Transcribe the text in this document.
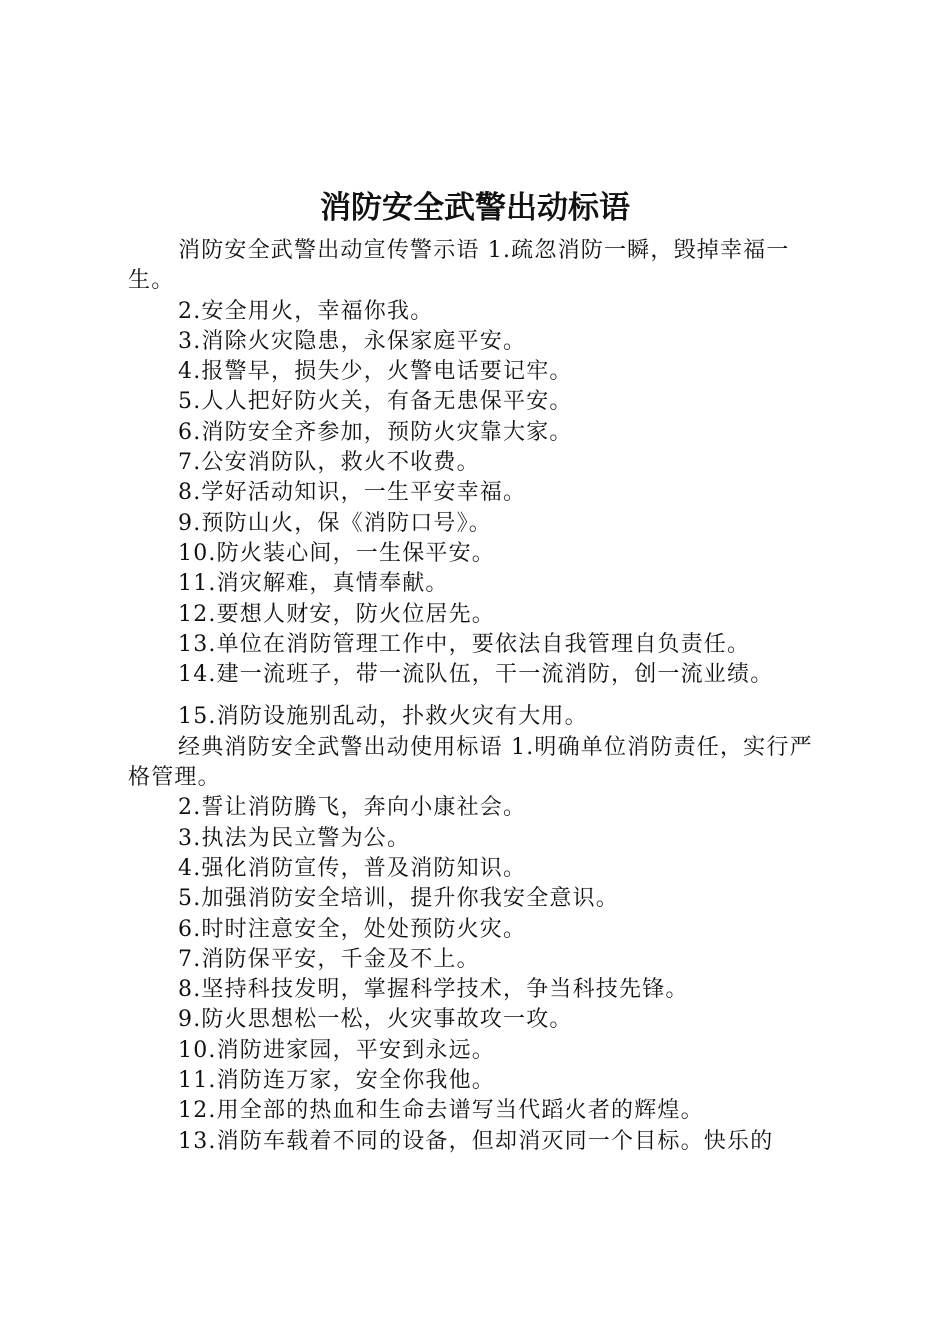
消防安全武警出动标语

消防安全武警出动宣传警示语 1.疏忽消防一瞬，毁掉幸福一生。

2.安全用火，幸福你我。

3.消除火灾隐患，永保家庭平安。

4.报警早，损失少，火警电话要记牢。

5.人人把好防火关，有备无患保平安。

6.消防安全齐参加，预防火灾靠大家。

7.公安消防队，救火不收费。

8.学好活动知识，一生平安幸福。

9.预防山火，保《消防口号》。

10.防火装心间，一生保平安。

11.消灾解难，真情奉献。

12.要想人财安，防火位居先。

13.单位在消防管理工作中，要依法自我管理自负责任。

14.建一流班子，带一流队伍，干一流消防，创一流业绩。

15.消防设施别乱动，扑救火灾有大用。

经典消防安全武警出动使用标语 1.明确单位消防责任，实行严格管理。

2.誓让消防腾飞，奔向小康社会。

3.执法为民立警为公。

4.强化消防宣传，普及消防知识。

5.加强消防安全培训，提升你我安全意识。

6.时时注意安全，处处预防火灾。

7.消防保平安，千金及不上。

8.坚持科技发明，掌握科学技术，争当科技先锋。

9.防火思想松一松，火灾事故攻一攻。

10.消防进家园，平安到永远。

11.消防连万家，安全你我他。

12.用全部的热血和生命去谱写当代蹈火者的辉煌。

13.消防车载着不同的设备，但却消灭同一个目标。快乐的
